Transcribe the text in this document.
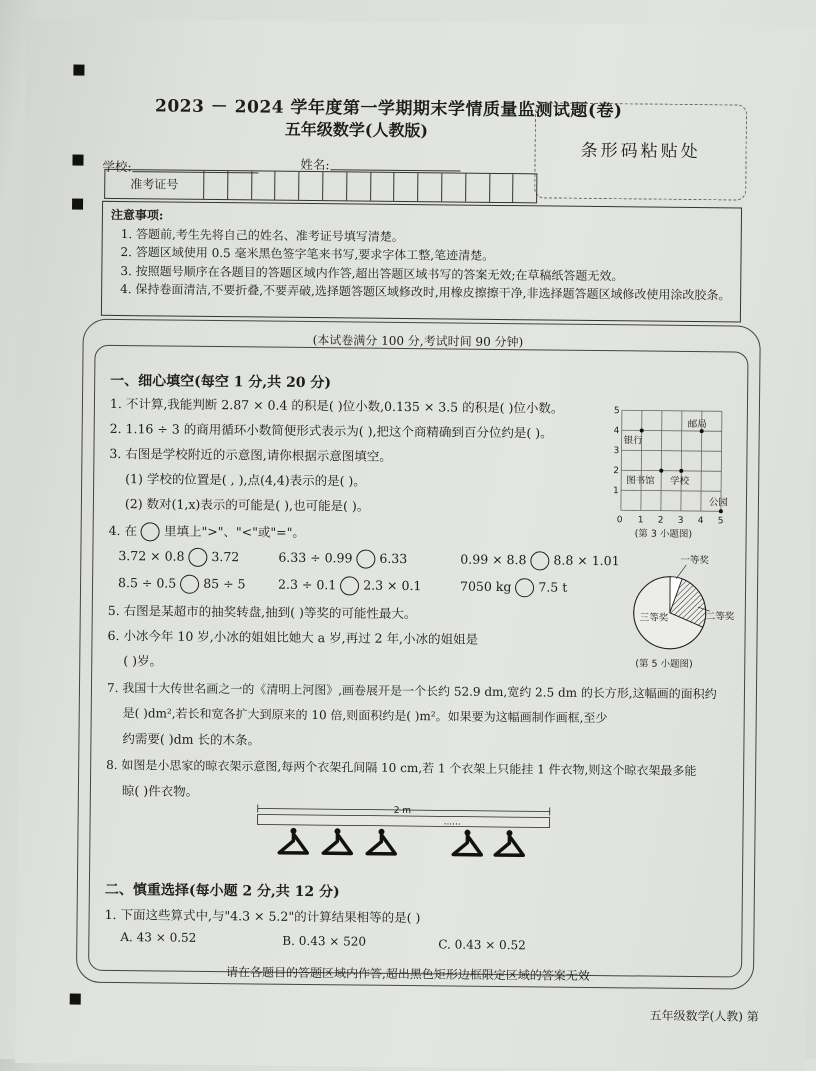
2023 － 2024 学年度第一学期期末学情质量监测试题(卷)
五年级数学(人教版)
条形码粘贴处
学校:	姓名:
准考证号
注意事项:
1. 答题前,考生先将自己的姓名、准考证号填写清楚。
2. 答题区域使用 0.5 毫米黑色签字笔来书写,要求字体工整,笔迹清楚。
3. 按照题号顺序在各题目的答题区域内作答,超出答题区域书写的答案无效;在草稿纸答题无效。
4. 保持卷面清洁,不要折叠,不要弄破,选择题答题区域修改时,用橡皮擦擦干净,非选择题答题区域修改使用涂改胶条。
(本试卷满分 100 分,考试时间 90 分钟)
一、细心填空(每空 1 分,共 20 分)
1. 不计算,我能判断 2.87 × 0.4 的积是( )位小数,0.135 × 3.5 的积是( )位小数。
2. 1.16 ÷ 3 的商用循环小数简便形式表示为( ),把这个商精确到百分位约是( )。
3. 右图是学校附近的示意图,请你根据示意图填空。
(1) 学校的位置是( , ),点(4,4)表示的是( )。
(2) 数对(1,x)表示的可能是( ),也可能是( )。
4. 在 里填上">"、"<"或"="。
3.72 × 0.8 3.72	6.33 ÷ 0.99 6.33	0.99 × 8.8 8.8 × 1.01
8.5 ÷ 0.5 85 ÷ 5	2.3 ÷ 0.1 2.3 × 0.1	7050 kg 7.5 t
5. 右图是某超市的抽奖转盘,抽到( )等奖的可能性最大。
6. 小冰今年 10 岁,小冰的姐姐比她大 a 岁,再过 2 年,小冰的姐姐是
( )岁。
7. 我国十大传世名画之一的《清明上河图》,画卷展开是一个长约 52.9 dm,宽约 2.5 dm 的长方形,这幅画的面积约
是( )dm²,若长和宽各扩大到原来的 10 倍,则面积约是( )m²。如果要为这幅画制作画框,至少
约需要( )dm 长的木条。
8. 如图是小思家的晾衣架示意图,每两个衣架孔间隔 10 cm,若 1 个衣架上只能挂 1 件衣物,则这个晾衣架最多能
晾( )件衣物。
5
4
3
2
1
0 1 2 3 4 5
银行
邮局
图书馆 学校
公园
(第 3 小题图)
一等奖
二等奖
三等奖
(第 5 小题图)
2 m
......
二、慎重选择(每小题 2 分,共 12 分)
1. 下面这些算式中,与"4.3 × 5.2"的计算结果相等的是( )
A. 43 × 0.52	B. 0.43 × 520	C. 0.43 × 0.52
请在各题目的答题区域内作答,超出黑色矩形边框限定区域的答案无效
五年级数学(人教) 第
